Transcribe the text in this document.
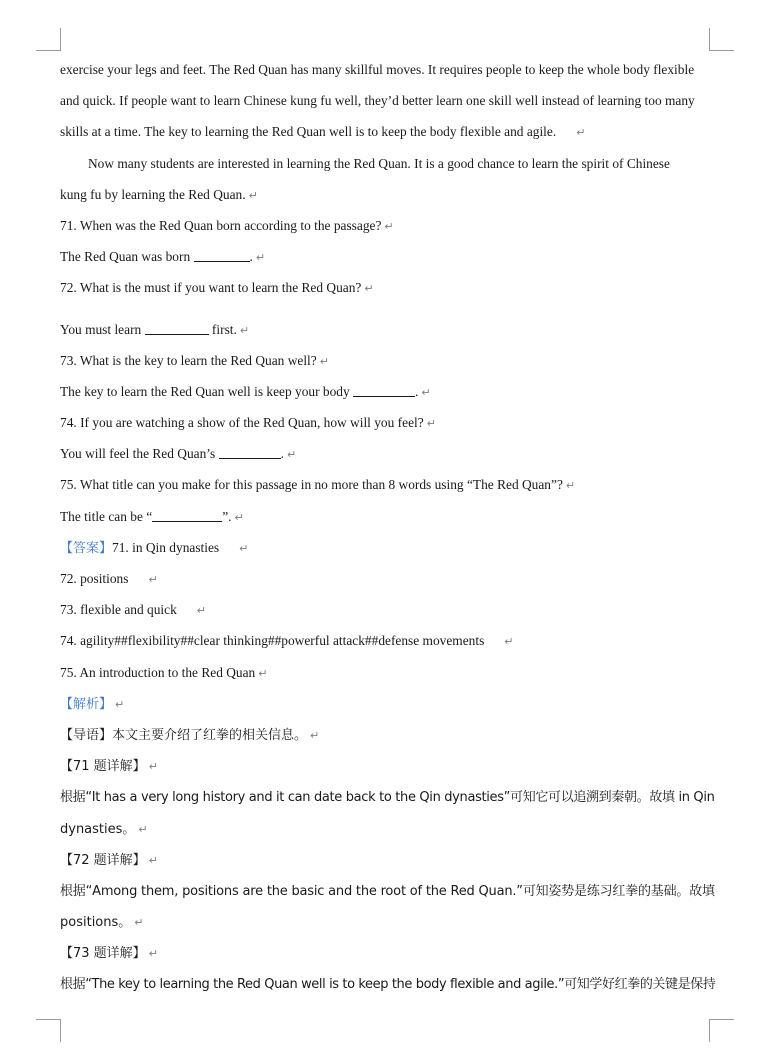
exercise your legs and feet. The Red Quan has many skillful moves. It requires people to keep the whole body flexible
and quick. If people want to learn Chinese kung fu well, they’d better learn one skill well instead of learning too many
skills at a time. The key to learning the Red Quan well is to keep the body flexible and agile. ↵
Now many students are interested in learning the Red Quan. It is a good chance to learn the spirit of Chinese
kung fu by learning the Red Quan. ↵
71. When was the Red Quan born according to the passage? ↵
The Red Quan was born	. ↵
72. What is the must if you want to learn the Red Quan? ↵
You must learn	first. ↵
73. What is the key to learn the Red Quan well? ↵
The key to learn the Red Quan well is keep your body	. ↵
74. If you are watching a show of the Red Quan, how will you feel? ↵
You will feel the Red Quan’s	. ↵
75. What title can you make for this passage in no more than 8 words using “The Red Quan”? ↵
The title can be “	”. ↵
【答案】71. in Qin dynasties ↵
72. positions ↵
73. flexible and quick ↵
74. agility##flexibility##clear thinking##powerful attack##defense movements ↵
75. An introduction to the Red Quan ↵
【解析】 ↵
【导语】本文主要介绍了红拳的相关信息。 ↵
【71 题详解】 ↵
根据“It has a very long history and it can date back to the Qin dynasties”可知它可以追溯到秦朝。故填 in Qin
dynasties。 ↵
【72 题详解】 ↵
根据“Among them, positions are the basic and the root of the Red Quan.”可知姿势是练习红拳的基础。故填
positions。 ↵
【73 题详解】 ↵
根据“The key to learning the Red Quan well is to keep the body flexible and agile.”可知学好红拳的关键是保持
